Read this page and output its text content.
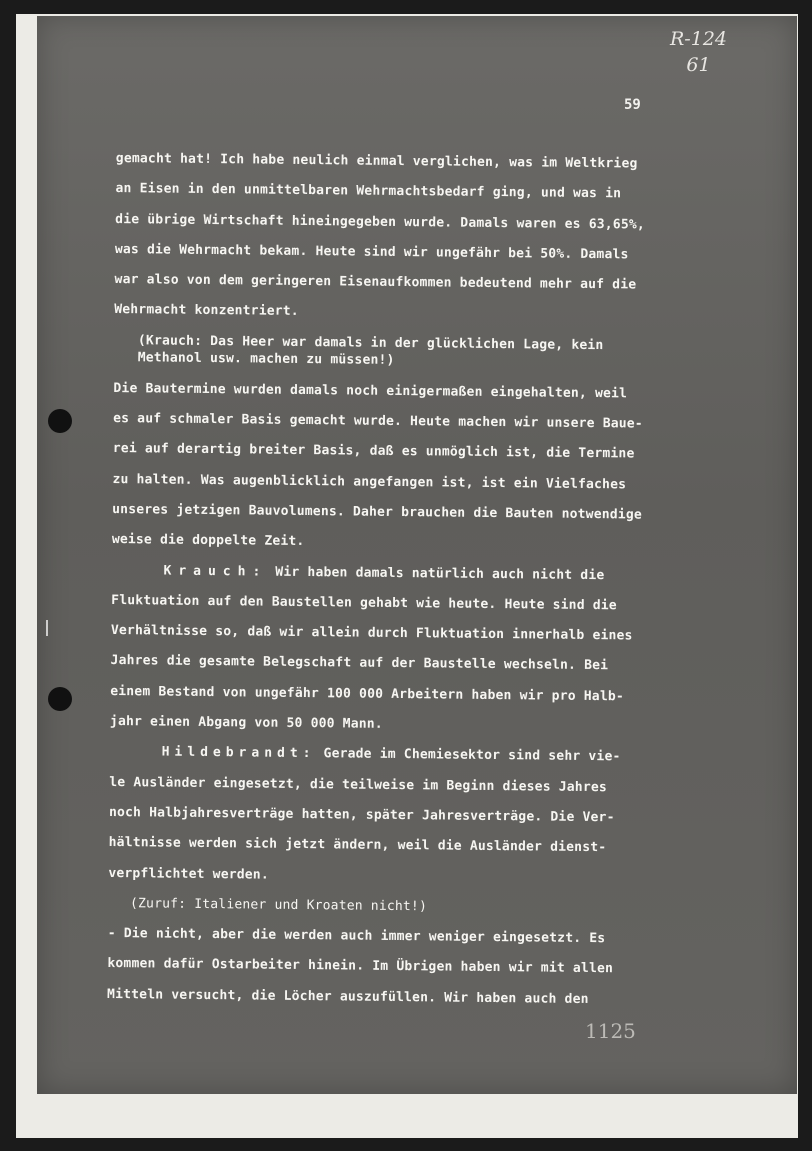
R-124
61
59
gemacht hat! Ich habe neulich einmal verglichen, was im Weltkrieg
an Eisen in den unmittelbaren Wehrmachtsbedarf ging, und was in
die übrige Wirtschaft hineingegeben wurde. Damals waren es 63,65%,
was die Wehrmacht bekam. Heute sind wir ungefähr bei 50%. Damals
war also von dem geringeren Eisenaufkommen bedeutend mehr auf die
Wehrmacht konzentriert.
(Krauch: Das Heer war damals in der glücklichen Lage, kein
Methanol usw. machen zu müssen!)
Die Bautermine wurden damals noch einigermaßen eingehalten, weil
es auf schmaler Basis gemacht wurde. Heute machen wir unsere Baue-
rei auf derartig breiter Basis, daß es unmöglich ist, die Termine
zu halten. Was augenblicklich angefangen ist, ist ein Vielfaches
unseres jetzigen Bauvolumens. Daher brauchen die Bauten notwendige
weise die doppelte Zeit.
Krauch: Wir haben damals natürlich auch nicht die
Fluktuation auf den Baustellen gehabt wie heute. Heute sind die
Verhältnisse so, daß wir allein durch Fluktuation innerhalb eines
Jahres die gesamte Belegschaft auf der Baustelle wechseln. Bei
einem Bestand von ungefähr 100 000 Arbeitern haben wir pro Halb-
jahr einen Abgang von 50 000 Mann.
Hildebrandt: Gerade im Chemiesektor sind sehr vie-
le Ausländer eingesetzt, die teilweise im Beginn dieses Jahres
noch Halbjahresverträge hatten, später Jahresverträge. Die Ver-
hältnisse werden sich jetzt ändern, weil die Ausländer dienst-
verpflichtet werden.
(Zuruf: Italiener und Kroaten nicht!)
- Die nicht, aber die werden auch immer weniger eingesetzt. Es
kommen dafür Ostarbeiter hinein. Im Übrigen haben wir mit allen
Mitteln versucht, die Löcher auszufüllen. Wir haben auch den
1125
